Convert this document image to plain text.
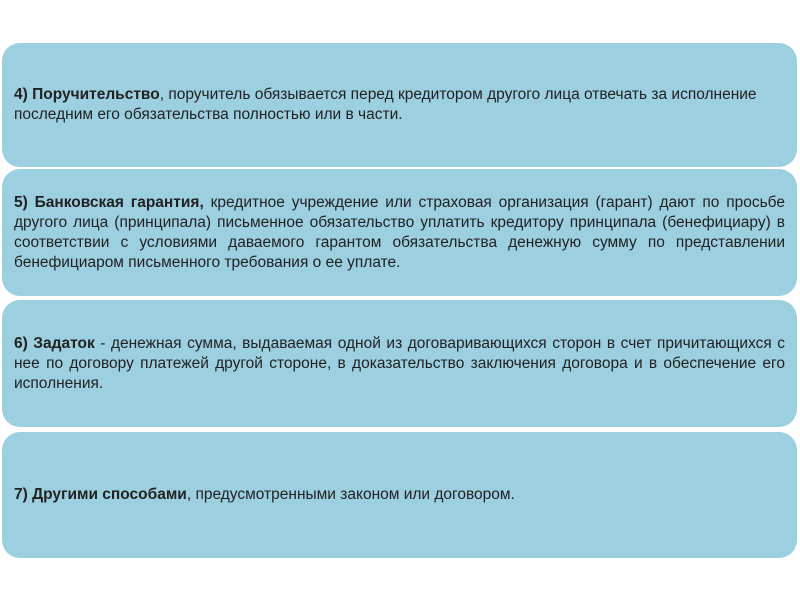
4) Поручительство, поручитель обязывается перед кредитором другого лица отвечать за исполнение последним его обязательства полностью или в части.
5) Банковская гарантия, кредитное учреждение или страховая организация (гарант) дают по просьбе другого лица (принципала) письменное обязательство уплатить кредитору принципала (бенефициару) в соответствии с условиями даваемого гарантом обязательства денежную сумму по представлении бенефициаром письменного требования о ее уплате.
6) Задаток - денежная сумма, выдаваемая одной из договаривающихся сторон в счет причитающихся с нее по договору платежей другой стороне, в доказательство заключения договора и в обеспечение его исполнения.
7) Другими способами, предусмотренными законом или договором.
